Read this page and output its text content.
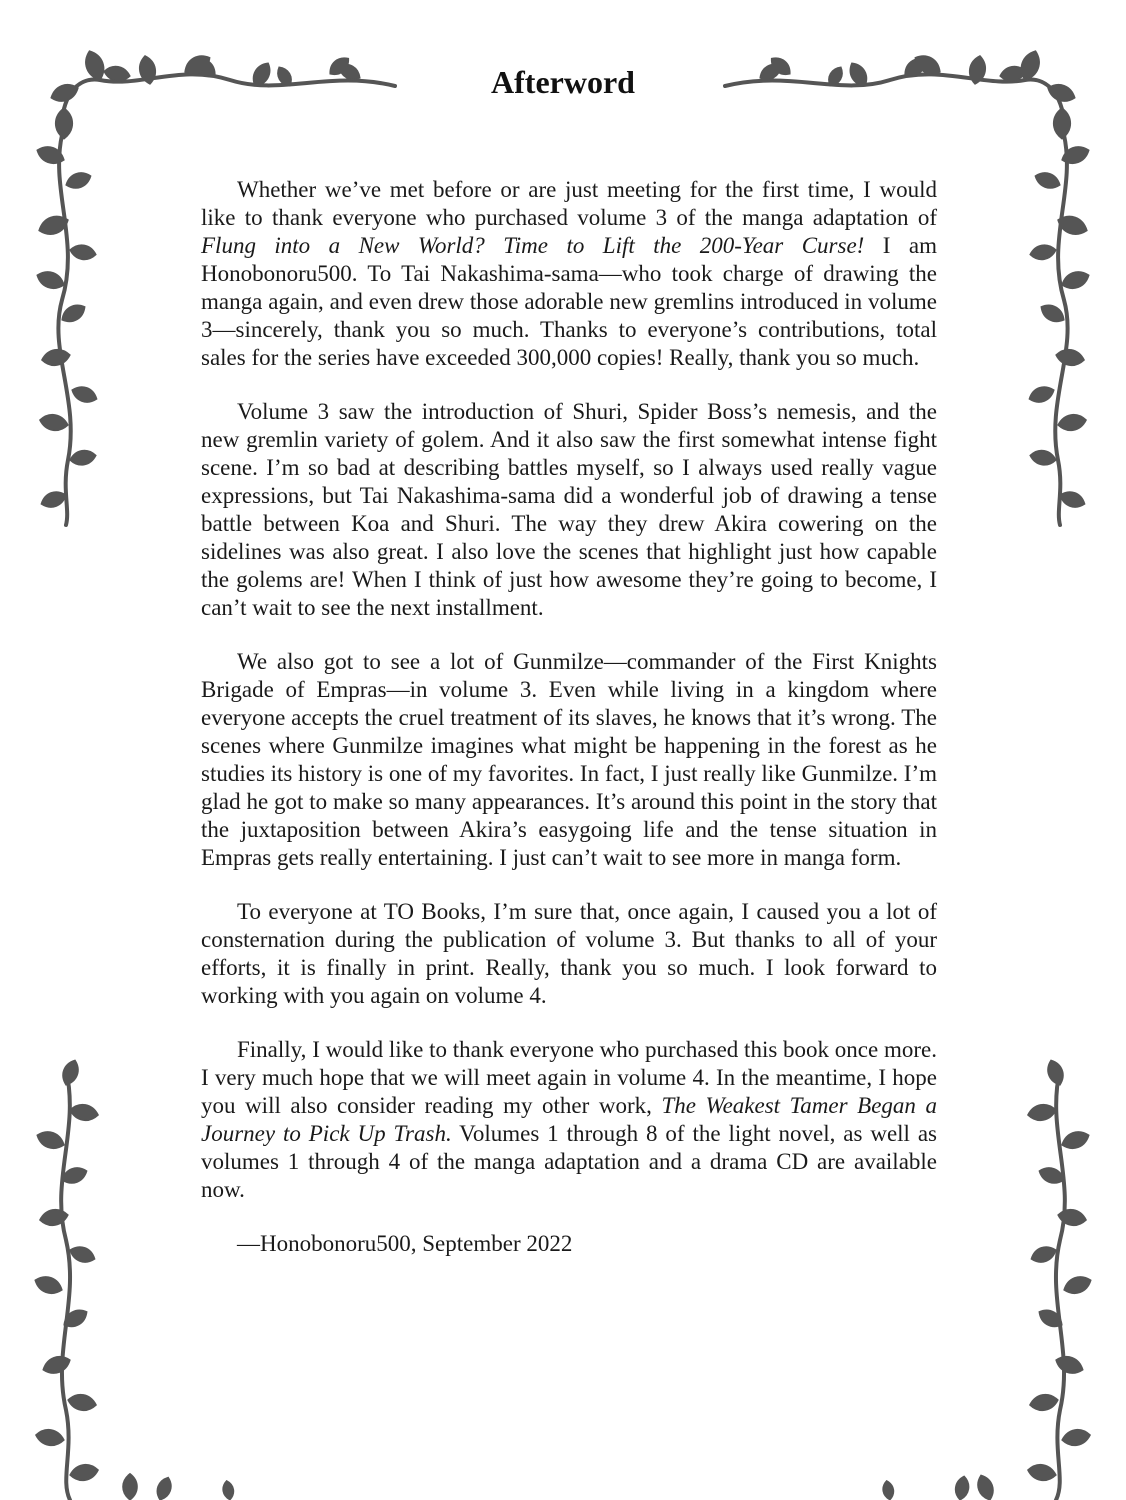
Afterword

Whether we’ve met before or are just meeting for the first time, I would like to thank everyone who purchased volume 3 of the manga adaptation of Flung into a New World? Time to Lift the 200-Year Curse! I am Honobonoru500. To Tai Nakashima-sama—who took charge of drawing the manga again, and even drew those adorable new gremlins introduced in volume 3—sincerely, thank you so much. Thanks to everyone’s contributions, total sales for the series have exceeded 300,000 copies! Really, thank you so much.

Volume 3 saw the introduction of Shuri, Spider Boss’s nemesis, and the new gremlin variety of golem. And it also saw the first somewhat intense fight scene. I’m so bad at describing battles myself, so I always used really vague expressions, but Tai Nakashima-sama did a wonderful job of drawing a tense battle between Koa and Shuri. The way they drew Akira cowering on the sidelines was also great. I also love the scenes that highlight just how capable the golems are! When I think of just how awesome they’re going to become, I can’t wait to see the next installment.

We also got to see a lot of Gunmilze—commander of the First Knights Brigade of Empras—in volume 3. Even while living in a kingdom where everyone accepts the cruel treatment of its slaves, he knows that it’s wrong. The scenes where Gunmilze imagines what might be happening in the forest as he studies its history is one of my favorites. In fact, I just really like Gunmilze. I’m glad he got to make so many appearances. It’s around this point in the story that the juxtaposition between Akira’s easygoing life and the tense situation in Empras gets really entertaining. I just can’t wait to see more in manga form.

To everyone at TO Books, I’m sure that, once again, I caused you a lot of consternation during the publication of volume 3. But thanks to all of your efforts, it is finally in print. Really, thank you so much. I look forward to working with you again on volume 4.

Finally, I would like to thank everyone who purchased this book once more. I very much hope that we will meet again in volume 4. In the meantime, I hope you will also consider reading my other work, The Weakest Tamer Began a Journey to Pick Up Trash. Volumes 1 through 8 of the light novel, as well as volumes 1 through 4 of the manga adaptation and a drama CD are available now.

—Honobonoru500, September 2022
